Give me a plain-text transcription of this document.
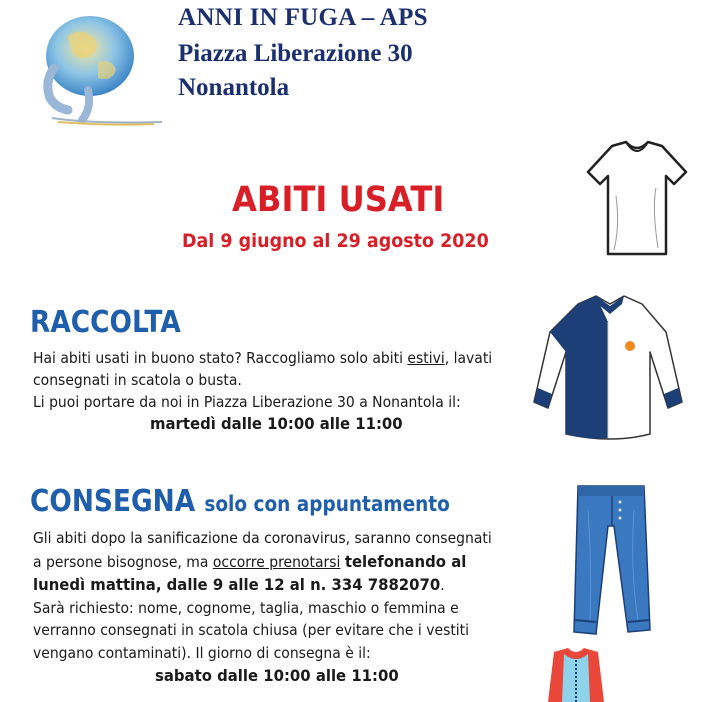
ANNI IN FUGA – APS
Piazza Liberazione 30
Nonantola
ABITI USATI
Dal 9 giugno al 29 agosto 2020
RACCOLTA
Hai abiti usati in buono stato? Raccogliamo solo abiti estivi, lavati
consegnati in scatola o busta.
Li puoi portare da noi in Piazza Liberazione 30 a Nonantola il:
martedì dalle 10:00 alle 11:00
CONSEGNA solo con appuntamento
Gli abiti dopo la sanificazione da coronavirus, saranno consegnati
a persone bisognose, ma occorre prenotarsi telefonando al
lunedì mattina, dalle 9 alle 12 al n. 334 7882070.
Sarà richiesto: nome, cognome, taglia, maschio o femmina e
verranno consegnati in scatola chiusa (per evitare che i vestiti
vengano contaminati). Il giorno di consegna è il:
sabato dalle 10:00 alle 11:00
